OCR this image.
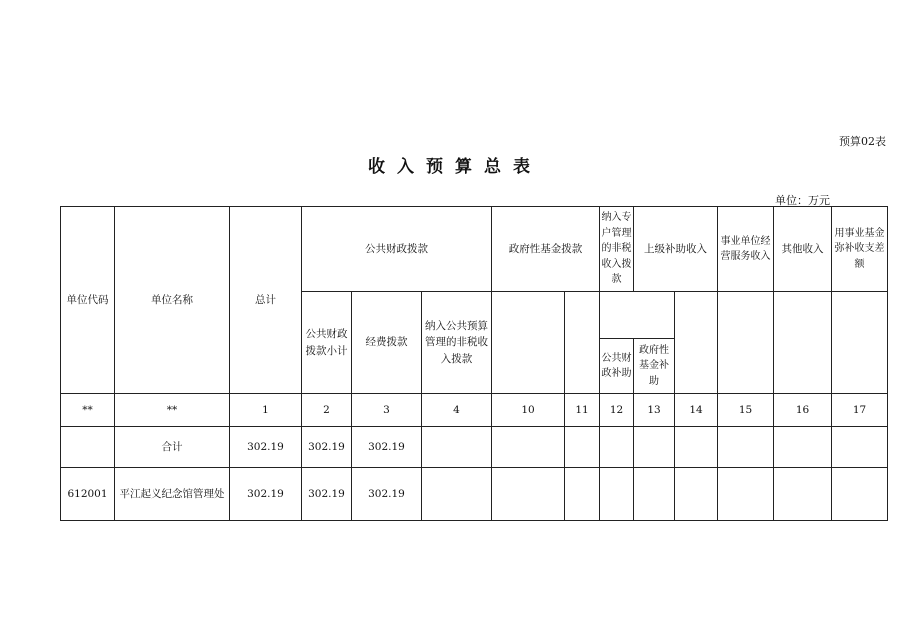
预算02表
收入预算总表
单位：万元
单位代码	单位名称	总计	公共财政拨款			政府性基金拨款		纳入专户管理的非税收入拨款	上级补助收入		事业单位经营服务收入	其他收入	用事业基金弥补收支差额	
			公共财政拨款小计	经费拨款	纳入公共预算管理的非税收入拨款									
								公共财政补助	政府性基金补助					
**	**	1	2	3	4	10	11	12	13	14	15	16	17	
	合计	302.19	302.19	302.19										
612001	平江起义纪念馆管理处	302.19	302.19	302.19										
